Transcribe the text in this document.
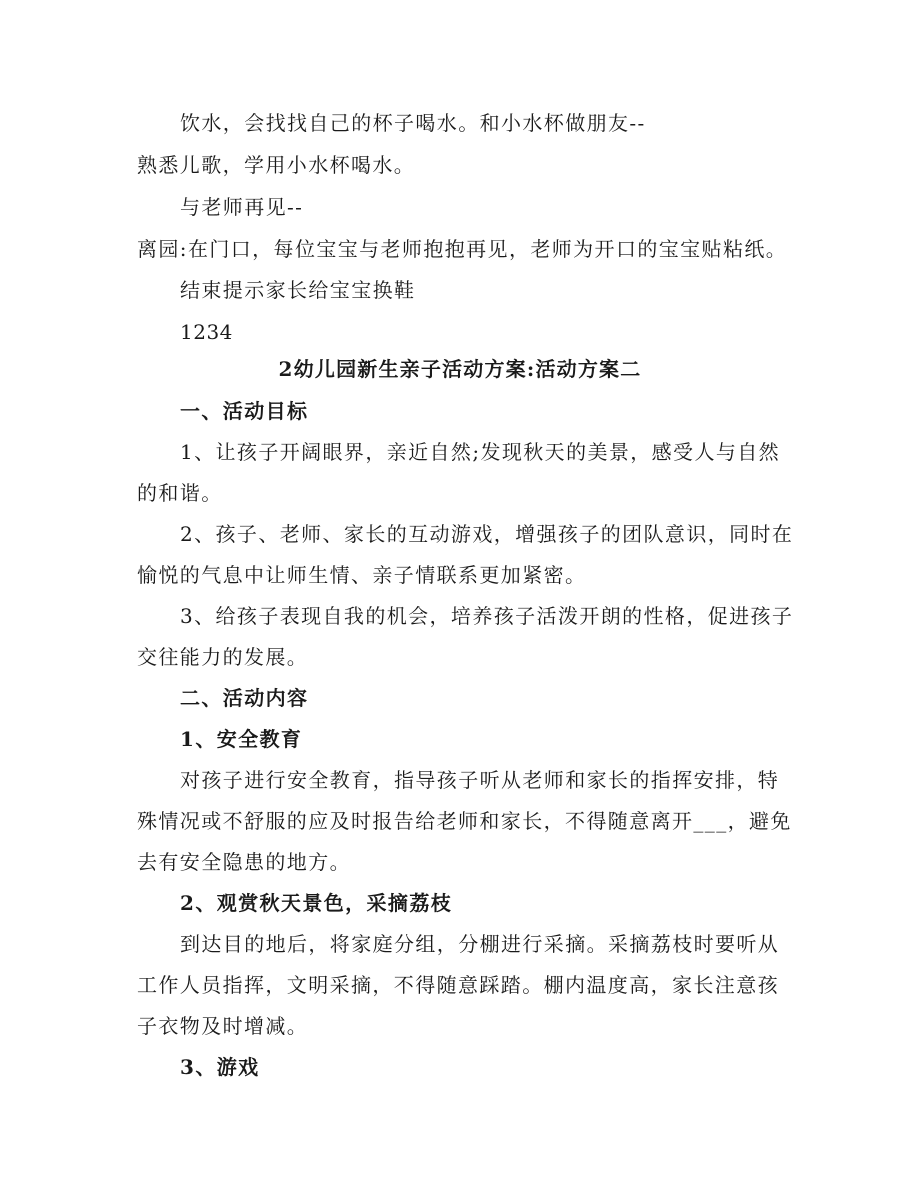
饮水，会找找自己的杯子喝水。和小水杯做朋友--
熟悉儿歌，学用小水杯喝水。
与老师再见--
离园:在门口，每位宝宝与老师抱抱再见，老师为开口的宝宝贴粘纸。
结束提示家长给宝宝换鞋
1234
2幼儿园新生亲子活动方案:活动方案二
一、活动目标
1、让孩子开阔眼界，亲近自然;发现秋天的美景，感受人与自然
的和谐。
2、孩子、老师、家长的互动游戏，增强孩子的团队意识，同时在
愉悦的气息中让师生情、亲子情联系更加紧密。
3、给孩子表现自我的机会，培养孩子活泼开朗的性格，促进孩子
交往能力的发展。
二、活动内容
1、安全教育
对孩子进行安全教育，指导孩子听从老师和家长的指挥安排，特
殊情况或不舒服的应及时报告给老师和家长，不得随意离开___，避免
去有安全隐患的地方。
2、观赏秋天景色，采摘荔枝
到达目的地后，将家庭分组，分棚进行采摘。采摘荔枝时要听从
工作人员指挥，文明采摘，不得随意踩踏。棚内温度高，家长注意孩
子衣物及时增减。
3、游戏
